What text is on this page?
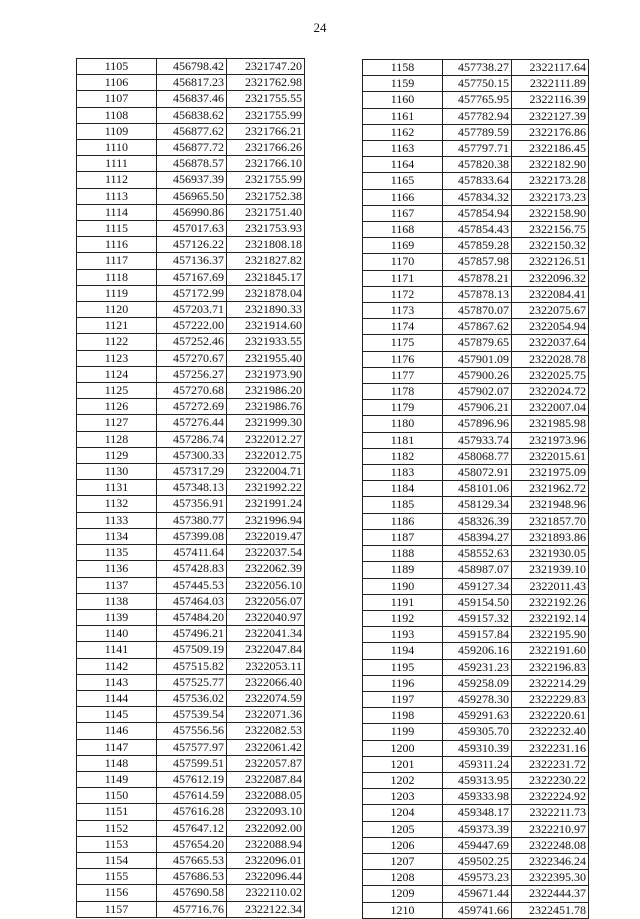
24
1105	456798.42	2321747.20
1106	456817.23	2321762.98
1107	456837.46	2321755.55
1108	456838.62	2321755.99
1109	456877.62	2321766.21
1110	456877.72	2321766.26
1111	456878.57	2321766.10
1112	456937.39	2321755.99
1113	456965.50	2321752.38
1114	456990.86	2321751.40
1115	457017.63	2321753.93
1116	457126.22	2321808.18
1117	457136.37	2321827.82
1118	457167.69	2321845.17
1119	457172.99	2321878.04
1120	457203.71	2321890.33
1121	457222.00	2321914.60
1122	457252.46	2321933.55
1123	457270.67	2321955.40
1124	457256.27	2321973.90
1125	457270.68	2321986.20
1126	457272.69	2321986.76
1127	457276.44	2321999.30
1128	457286.74	2322012.27
1129	457300.33	2322012.75
1130	457317.29	2322004.71
1131	457348.13	2321992.22
1132	457356.91	2321991.24
1133	457380.77	2321996.94
1134	457399.08	2322019.47
1135	457411.64	2322037.54
1136	457428.83	2322062.39
1137	457445.53	2322056.10
1138	457464.03	2322056.07
1139	457484.20	2322040.97
1140	457496.21	2322041.34
1141	457509.19	2322047.84
1142	457515.82	2322053.11
1143	457525.77	2322066.40
1144	457536.02	2322074.59
1145	457539.54	2322071.36
1146	457556.56	2322082.53
1147	457577.97	2322061.42
1148	457599.51	2322057.87
1149	457612.19	2322087.84
1150	457614.59	2322088.05
1151	457616.28	2322093.10
1152	457647.12	2322092.00
1153	457654.20	2322088.94
1154	457665.53	2322096.01
1155	457686.53	2322096.44
1156	457690.58	2322110.02
1157	457716.76	2322122.34
1158	457738.27	2322117.64
1159	457750.15	2322111.89
1160	457765.95	2322116.39
1161	457782.94	2322127.39
1162	457789.59	2322176.86
1163	457797.71	2322186.45
1164	457820.38	2322182.90
1165	457833.64	2322173.28
1166	457834.32	2322173.23
1167	457854.94	2322158.90
1168	457854.43	2322156.75
1169	457859.28	2322150.32
1170	457857.98	2322126.51
1171	457878.21	2322096.32
1172	457878.13	2322084.41
1173	457870.07	2322075.67
1174	457867.62	2322054.94
1175	457879.65	2322037.64
1176	457901.09	2322028.78
1177	457900.26	2322025.75
1178	457902.07	2322024.72
1179	457906.21	2322007.04
1180	457896.96	2321985.98
1181	457933.74	2321973.96
1182	458068.77	2322015.61
1183	458072.91	2321975.09
1184	458101.06	2321962.72
1185	458129.34	2321948.96
1186	458326.39	2321857.70
1187	458394.27	2321893.86
1188	458552.63	2321930.05
1189	458987.07	2321939.10
1190	459127.34	2322011.43
1191	459154.50	2322192.26
1192	459157.32	2322192.14
1193	459157.84	2322195.90
1194	459206.16	2322191.60
1195	459231.23	2322196.83
1196	459258.09	2322214.29
1197	459278.30	2322229.83
1198	459291.63	2322220.61
1199	459305.70	2322232.40
1200	459310.39	2322231.16
1201	459311.24	2322231.72
1202	459313.95	2322230.22
1203	459333.98	2322224.92
1204	459348.17	2322211.73
1205	459373.39	2322210.97
1206	459447.69	2322248.08
1207	459502.25	2322346.24
1208	459573.23	2322395.30
1209	459671.44	2322444.37
1210	459741.66	2322451.78
